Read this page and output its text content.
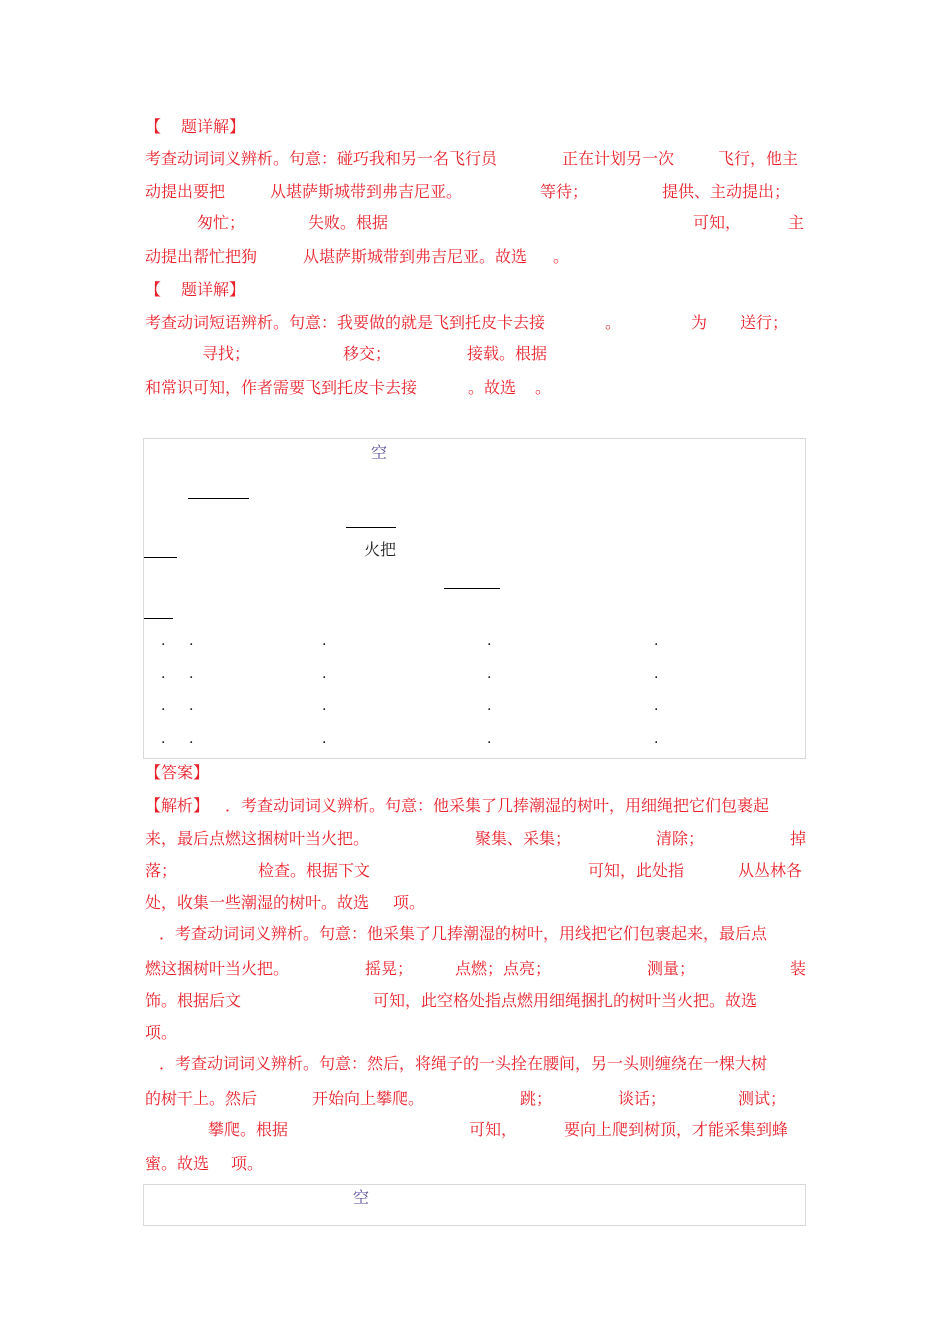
【 题详解】
考查动词词义辨析。句意：碰巧我和另一名飞行员	正在计划另一次	飞行，他主
动提出要把	从堪萨斯城带到弗吉尼亚。	等待；	提供、主动提出；
匆忙；	失败。根据	可知，	主
动提出帮忙把狗	从堪萨斯城带到弗吉尼亚。故选 。
【 题详解】
考查动词短语辨析。句意：我要做的就是飞到托皮卡去接	。	为 送行；
寻找；	移交；	接载。根据
和常识可知，作者需要飞到托皮卡去接	。故选 。
空
火把
. .	.	.	.
. .	.	.	.
. .	.	.	.
. .	.	.	.
【答案】
【解析】 ．考查动词词义辨析。句意：他采集了几捧潮湿的树叶，用细绳把它们包裹起
来，最后点燃这捆树叶当火把。	聚集、采集；	清除；	掉
落；	检查。根据下文	可知，此处指	从丛林各
处，收集一些潮湿的树叶。故选 项。
．考查动词词义辨析。句意：他采集了几捧潮湿的树叶，用线把它们包裹起来，最后点
燃这捆树叶当火把。	摇晃；	点燃；点亮；	测量；	装
饰。根据后文	可知，此空格处指点燃用细绳捆扎的树叶当火把。故选
项。
．考查动词词义辨析。句意：然后，将绳子的一头拴在腰间，另一头则缠绕在一棵大树
的树干上。然后	开始向上攀爬。	跳；	谈话；	测试；
攀爬。根据	可知，	要向上爬到树顶，才能采集到蜂
蜜。故选 项。
空
